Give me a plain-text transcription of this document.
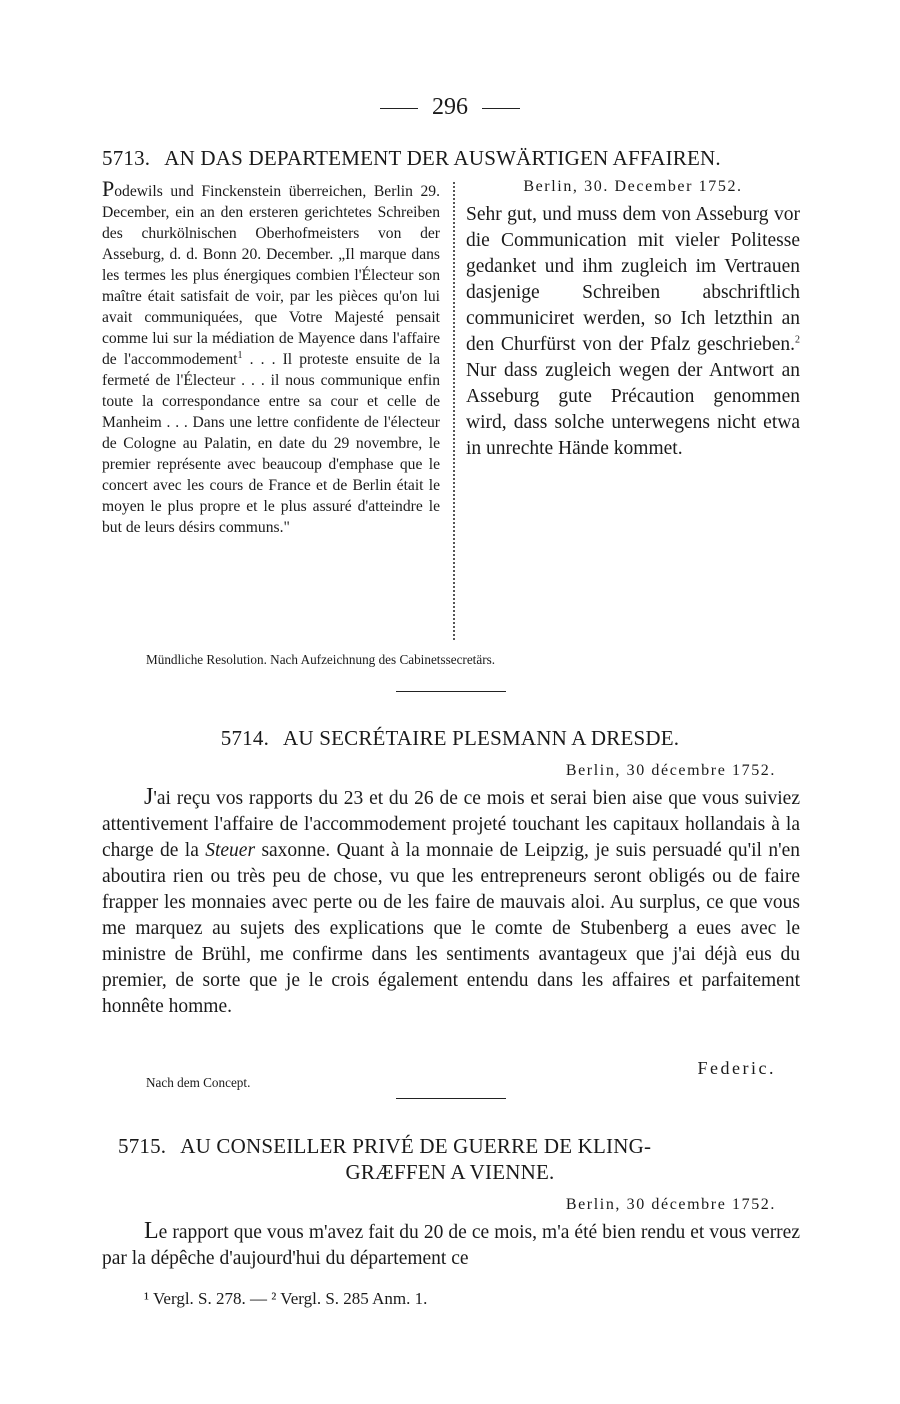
296
5713. AN DAS DEPARTEMENT DER AUSWÄRTIGEN AFFAIREN.
Podewils und Finckenstein überreichen, Berlin 29. December, ein an den ersteren gerichtetes Schreiben des churkölnischen Oberhofmeisters von der Asseburg, d. d. Bonn 20. December. „Il marque dans les termes les plus énergiques combien l'Électeur son maître était satisfait de voir, par les pièces qu'on lui avait communiquées, que Votre Majesté pensait comme lui sur la médiation de Mayence dans l'affaire de l'accommodement$^1$ . . . Il proteste ensuite de la fermeté de l'Électeur . . . il nous communique enfin toute la correspondance entre sa cour et celle de Manheim . . . Dans une lettre confidente de l'électeur de Cologne au Palatin, en date du 29 novembre, le premier représente avec beaucoup d'emphase que le concert avec les cours de France et de Berlin était le moyen le plus propre et le plus assuré d'atteindre le but de leurs désirs communs."
Berlin, 30. December 1752.
Sehr gut, und muss dem von Asseburg vor die Communication mit vieler Politesse gedanket und ihm zugleich im Vertrauen dasjenige Schreiben abschriftlich communiciret werden, so Ich letzthin an den Churfürst von der Pfalz geschrieben.$^2$ Nur dass zugleich wegen der Antwort an Asseburg gute Précaution genommen wird, dass solche unterwegens nicht etwa in unrechte Hände kommet.
Mündliche Resolution. Nach Aufzeichnung des Cabinetssecretärs.
5714. AU SECRÉTAIRE PLESMANN A DRESDE.
Berlin, 30 décembre 1752.
J'ai reçu vos rapports du 23 et du 26 de ce mois et serai bien aise que vous suiviez attentivement l'affaire de l'accommodement projeté touchant les capitaux hollandais à la charge de la Steuer saxonne. Quant à la monnaie de Leipzig, je suis persuadé qu'il n'en aboutira rien ou très peu de chose, vu que les entrepreneurs seront obligés ou de faire frapper les monnaies avec perte ou de les faire de mauvais aloi. Au surplus, ce que vous me marquez au sujets des explications que le comte de Stubenberg a eues avec le ministre de Brühl, me confirme dans les sentiments avantageux que j'ai déjà eus du premier, de sorte que je le crois également entendu dans les affaires et parfaitement honnête homme.
Federic.
Nach dem Concept.
5715. AU CONSEILLER PRIVÉ DE GUERRE DE KLING-
GRÆFFEN A VIENNE.
Berlin, 30 décembre 1752.
Le rapport que vous m'avez fait du 20 de ce mois, m'a été bien rendu et vous verrez par la dépêche d'aujourd'hui du département ce
¹ Vergl. S. 278. — ² Vergl. S. 285 Anm. 1.
